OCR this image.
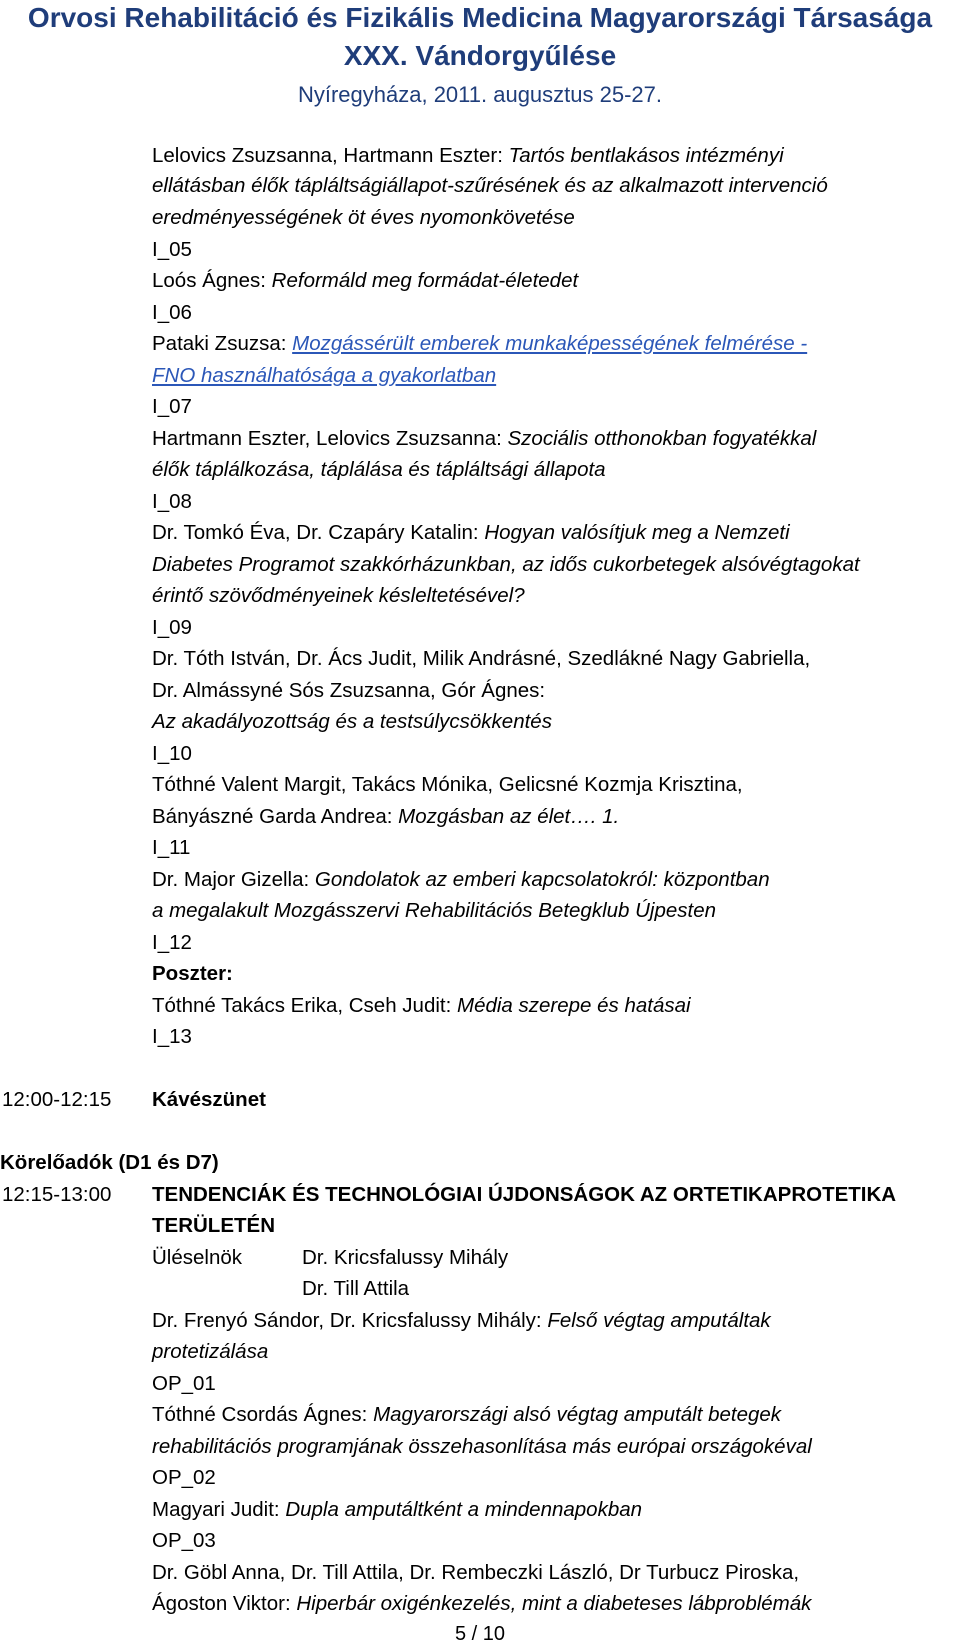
Orvosi Rehabilitáció és Fizikális Medicina Magyarországi Társasága
XXX. Vándorgyűlése
Nyíregyháza, 2011. augusztus 25-27.
Lelovics Zsuzsanna, Hartmann Eszter: Tartós bentlakásos intézményi
ellátásban élők tápláltságiállapot-szűrésének és az alkalmazott intervenció
eredményességének öt éves nyomonkövetése
I_05
Loós Ágnes: Reformáld meg formádat-életedet
I_06
Pataki Zsuzsa: Mozgássérült emberek munkaképességének felmérése -
FNO használhatósága a gyakorlatban
I_07
Hartmann Eszter, Lelovics Zsuzsanna: Szociális otthonokban fogyatékkal
élők táplálkozása, táplálása és tápláltsági állapota
I_08
Dr. Tomkó Éva, Dr. Czapáry Katalin: Hogyan valósítjuk meg a Nemzeti
Diabetes Programot szakkórházunkban, az idős cukorbetegek alsóvégtagokat
érintő szövődményeinek késleltetésével?
I_09
Dr. Tóth István, Dr. Ács Judit, Milik Andrásné, Szedlákné Nagy Gabriella,
Dr. Almássyné Sós Zsuzsanna, Gór Ágnes:
Az akadályozottság és a testsúlycsökkentés
I_10
Tóthné Valent Margit, Takács Mónika, Gelicsné Kozmja Krisztina,
Bányászné Garda Andrea: Mozgásban az élet…. 1.
I_11
Dr. Major Gizella: Gondolatok az emberi kapcsolatokról: központban
a megalakult Mozgásszervi Rehabilitációs Betegklub Újpesten
I_12
Poszter:
Tóthné Takács Erika, Cseh Judit: Média szerepe és hatásai
I_13
12:00-12:15 Kávészünet
Körelőadók (D1 és D7)
12:15-13:00 TENDENCIÁK ÉS TECHNOLÓGIAI ÚJDONSÁGOK AZ ORTETIKAPROTETIKA
TERÜLETÉN
Üléselnök	Dr. Kricsfalussy Mihály
Dr. Till Attila
Dr. Frenyó Sándor, Dr. Kricsfalussy Mihály: Felső végtag amputáltak
protetizálása
OP_01
Tóthné Csordás Ágnes: Magyarországi alsó végtag amputált betegek
rehabilitációs programjának összehasonlítása más európai országokéval
OP_02
Magyari Judit: Dupla amputáltként a mindennapokban
OP_03
Dr. Göbl Anna, Dr. Till Attila, Dr. Rembeczki László, Dr Turbucz Piroska,
Ágoston Viktor: Hiperbár oxigénkezelés, mint a diabeteses lábproblémák
5 / 10
